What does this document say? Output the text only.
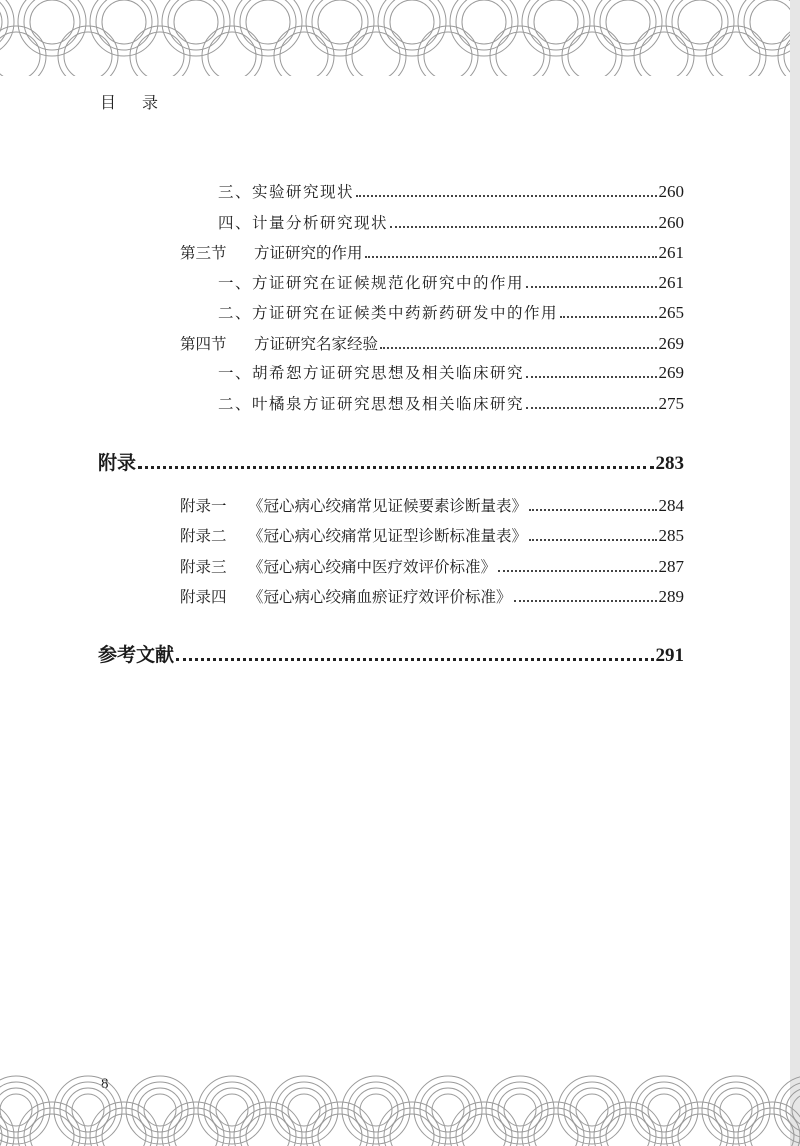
目录
三、实验研究现状	260
四、计量分析研究现状	260
第三节 方证研究的作用	261
一、方证研究在证候规范化研究中的作用	261
二、方证研究在证候类中药新药研发中的作用	265
第四节 方证研究名家经验	269
一、胡希恕方证研究思想及相关临床研究	269
二、叶橘泉方证研究思想及相关临床研究	275
附录	283
附录一 《冠心病心绞痛常见证候要素诊断量表》	284
附录二 《冠心病心绞痛常见证型诊断标准量表》	285
附录三 《冠心病心绞痛中医疗效评价标准》	287
附录四 《冠心病心绞痛血瘀证疗效评价标准》	289
参考文献	291
8
